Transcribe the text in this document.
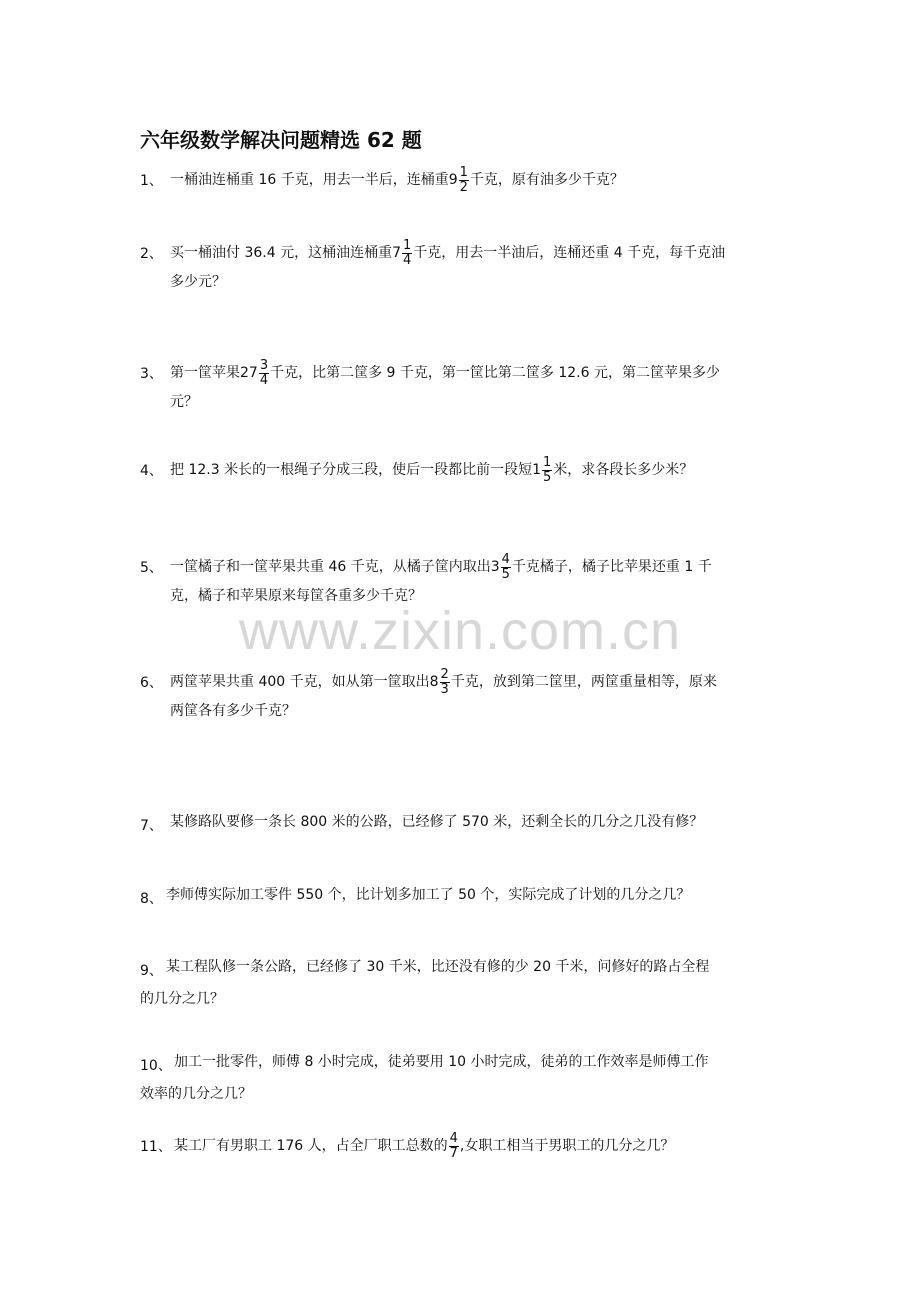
六年级数学解决问题精选 62 题
1、 一桶油连桶重 16 千克，用去一半后，连桶重$9 \frac{1}{2}$ 千克，原有油多少千克？
2、 买一桶油付 36.4 元，这桶油连桶重$7 \frac{1}{4}$ 千克，用去一半油后，连桶还重 4 千克，每千克油
多少元？
3、 第一筐苹果$27 \frac{3}{4}$ 千克，比第二筐多 9 千克，第一筐比第二筐多 12.6 元，第二筐苹果多少
元？
4、 把 12.3 米长的一根绳子分成三段，使后一段都比前一段短$1 \frac{1}{5}$ 米，求各段长多少米？
5、 一筐橘子和一筐苹果共重 46 千克，从橘子筐内取出$3 \frac{4}{5}$ 千克橘子，橘子比苹果还重 1 千
克，橘子和苹果原来每筐各重多少千克？
6、 两筐苹果共重 400 千克，如从第一筐取出$8 \frac{2}{3}$ 千克，放到第二筐里，两筐重量相等，原来
两筐各有多少千克？
7、 某修路队要修一条长 800 米的公路，已经修了 570 米，还剩全长的几分之几没有修？
8、 李师傅实际加工零件 550 个，比计划多加工了 50 个，实际完成了计划的几分之几？
9、 某工程队修一条公路，已经修了 30 千米，比还没有修的少 20 千米，问修好的路占全程
的几分之几？
10、 加工一批零件，师傅 8 小时完成，徒弟要用 10 小时完成，徒弟的工作效率是师傅工作
效率的几分之几？
11、 某工厂有男职工 176 人，占全厂职工总数的 $\frac{4}{7}$ ,女职工相当于男职工的几分之几？
www.zixin.com.cn
